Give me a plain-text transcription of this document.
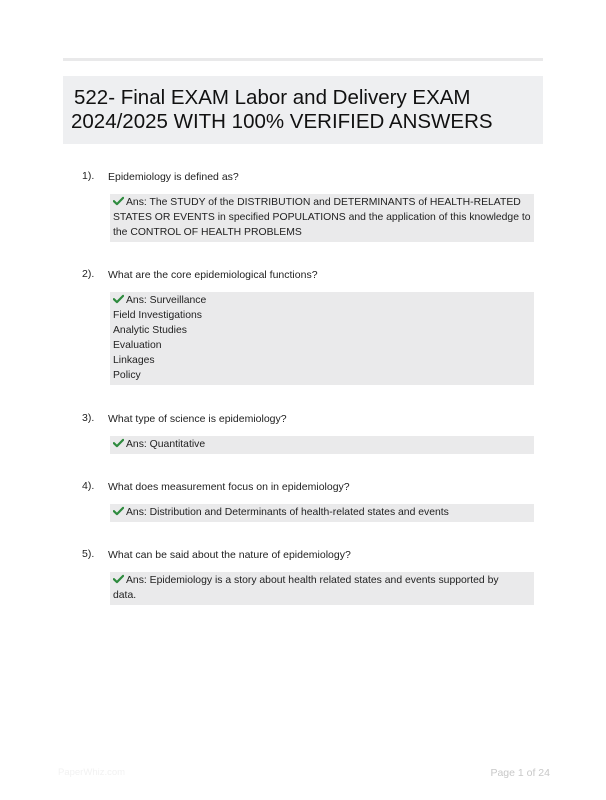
522- Final EXAM Labor and Delivery EXAM
2024/2025 WITH 100% VERIFIED ANSWERS
1). Epidemiology is defined as?
Ans: The STUDY of the DISTRIBUTION and DETERMINANTS of HEALTH-RELATED
STATES OR EVENTS in specified POPULATIONS and the application of this knowledge to
the CONTROL OF HEALTH PROBLEMS
2). What are the core epidemiological functions?
Ans: Surveillance
Field Investigations
Analytic Studies
Evaluation
Linkages
Policy
3). What type of science is epidemiology?
Ans: Quantitative
4). What does measurement focus on in epidemiology?
Ans: Distribution and Determinants of health-related states and events
5). What can be said about the nature of epidemiology?
Ans: Epidemiology is a story about health related states and events supported by
data.
PaperWhiz.com	Page 1 of 24
